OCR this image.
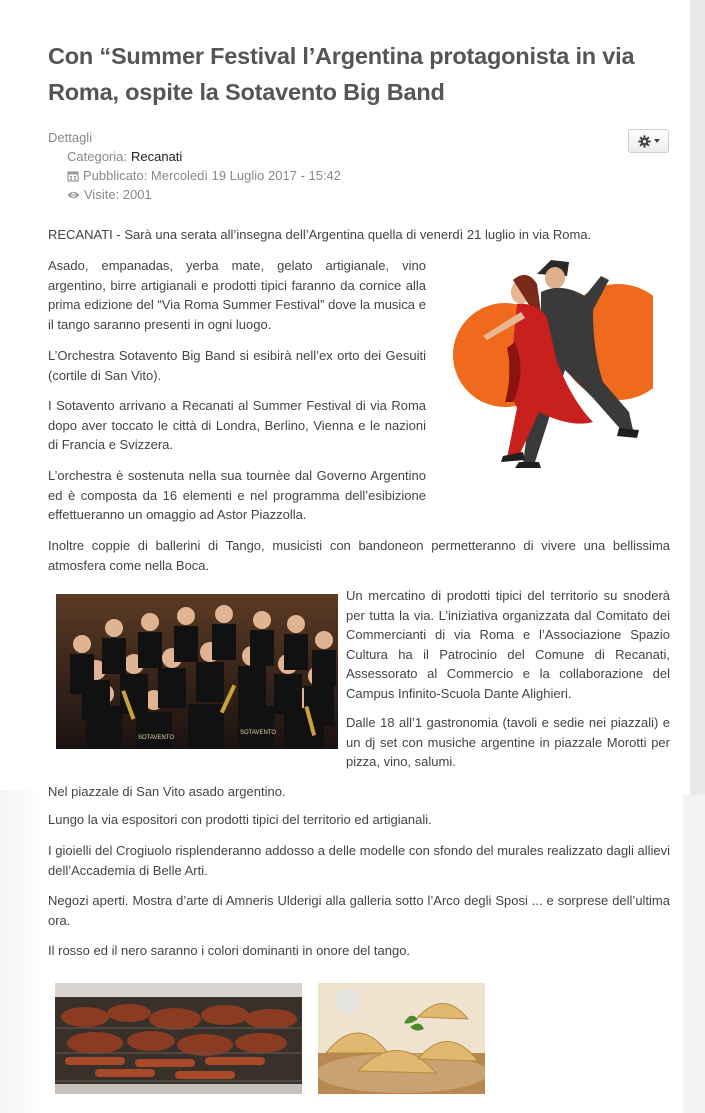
Con “Summer Festival l’Argentina protagonista in via Roma, ospite la Sotavento Big Band
Dettagli
Categoria: Recanati
Pubblicato: Mercoledì 19 Luglio 2017 - 15:42
Visite: 2001

RECANATI - Sarà una serata all’insegna dell’Argentina quella di venerdì 21 luglio in via Roma.

Asado, empanadas, yerba mate, gelato artigianale, vino argentino, birre artigianali e prodotti tipici faranno da cornice alla prima edizione del “Via Roma Summer Festival” dove la musica e il tango saranno presenti in ogni luogo.

L’Orchestra Sotavento Big Band si esibirà nell’ex orto dei Gesuiti (cortile di San Vito).

I Sotavento arrivano a Recanati al Summer Festival di via Roma dopo aver toccato le città di Londra, Berlino, Vienna e le nazioni di Francia e Svizzera.

L’orchestra è sostenuta nella sua tournèe dal Governo Argentino ed è composta da 16 elementi e nel programma dell’esibizione effettueranno un omaggio ad Astor Piazzolla.

Inoltre coppie di ballerini di Tango, musicisti con bandoneon permetteranno di vivere una bellissima atmosfera come nella Boca.

SOTAVENTO
SOTAVENTO

Un mercatino di prodotti tipici del territorio su snoderà per tutta la via. L’iniziativa organizzata dal Comitato dei Commercianti di via Roma e l’Associazione Spazio Cultura ha il Patrocinio del Comune di Recanati, Assessorato al Commercio e la collaborazione del Campus Infinito-Scuola Dante Alighieri.

Dalle 18 all’1 gastronomia (tavoli e sedie nei piazzali) e un dj set con musiche argentine in piazzale Morotti per pizza, vino, salumi.

Nel piazzale di San Vito asado argentino.

Lungo la via espositori con prodotti tipici del territorio ed artigianali.

I gioielli del Crogiuolo risplenderanno addosso a delle modelle con sfondo del murales realizzato dagli allievi dell’Accademia di Belle Arti.

Negozi aperti. Mostra d’arte di Amneris Ulderigi alla galleria sotto l’Arco degli Sposi ... e sorprese dell’ultima ora.

Il rosso ed il nero saranno i colori dominanti in onore del tango.
